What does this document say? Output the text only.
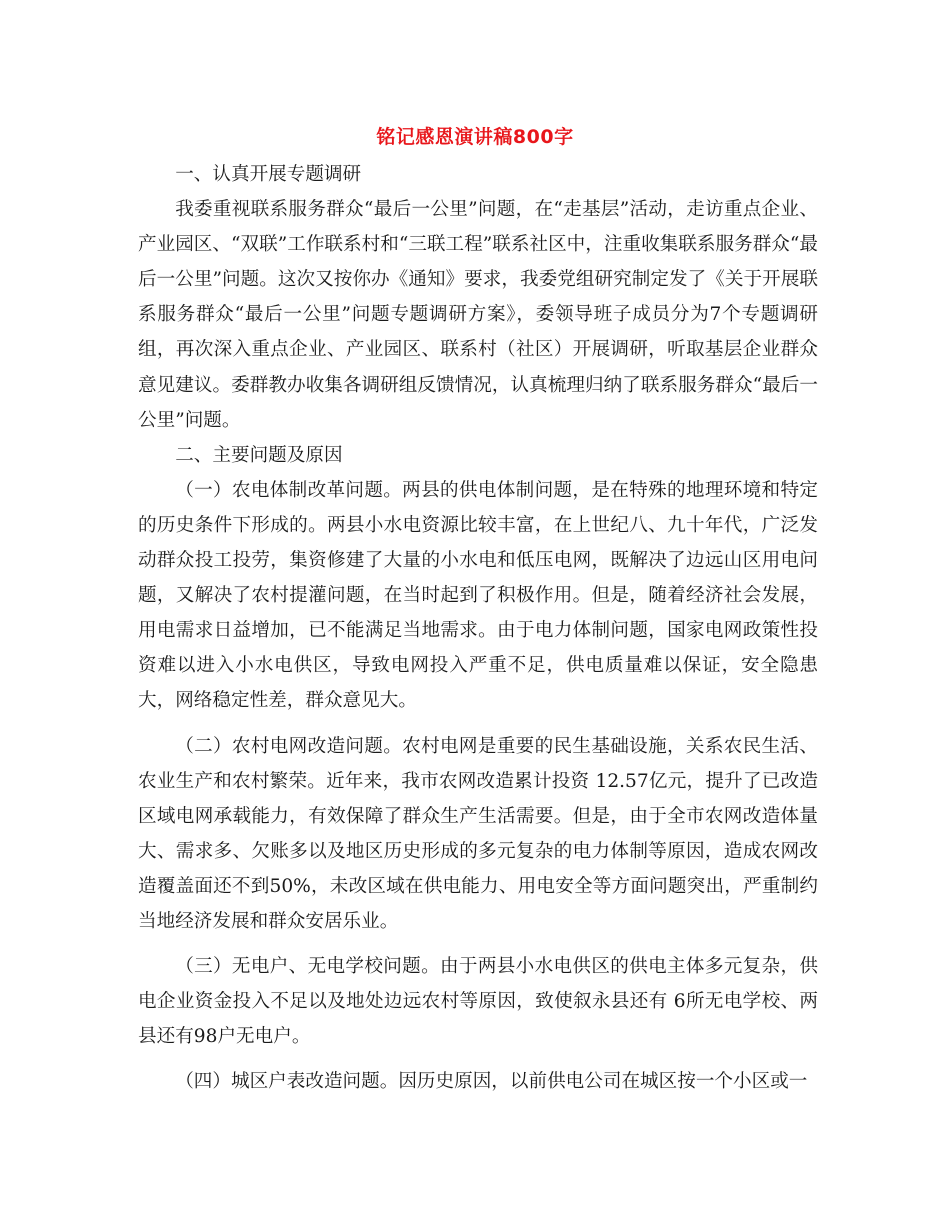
铭记感恩演讲稿800字

一、认真开展专题调研

我委重视联系服务群众“最后一公里”问题，在“走基层”活动，走访重点企业、产业园区、“双联”工作联系村和“三联工程”联系社区中，注重收集联系服务群众“最后一公里”问题。这次又按你办《通知》要求，我委党组研究制定发了《关于开展联系服务群众“最后一公里”问题专题调研方案》，委领导班子成员分为7个专题调研组，再次深入重点企业、产业园区、联系村（社区）开展调研，听取基层企业群众意见建议。委群教办收集各调研组反馈情况，认真梳理归纳了联系服务群众“最后一公里”问题。

二、主要问题及原因

（一）农电体制改革问题。两县的供电体制问题，是在特殊的地理环境和特定的历史条件下形成的。两县小水电资源比较丰富，在上世纪八、九十年代，广泛发动群众投工投劳，集资修建了大量的小水电和低压电网，既解决了边远山区用电问题，又解决了农村提灌问题，在当时起到了积极作用。但是，随着经济社会发展，用电需求日益增加，已不能满足当地需求。由于电力体制问题，国家电网政策性投资难以进入小水电供区，导致电网投入严重不足，供电质量难以保证，安全隐患大，网络稳定性差，群众意见大。

（二）农村电网改造问题。农村电网是重要的民生基础设施，关系农民生活、农业生产和农村繁荣。近年来，我市农网改造累计投资 12.57亿元，提升了已改造区域电网承载能力，有效保障了群众生产生活需要。但是，由于全市农网改造体量大、需求多、欠账多以及地区历史形成的多元复杂的电力体制等原因，造成农网改造覆盖面还不到50%，未改区域在供电能力、用电安全等方面问题突出，严重制约当地经济发展和群众安居乐业。

（三）无电户、无电学校问题。由于两县小水电供区的供电主体多元复杂，供电企业资金投入不足以及地处边远农村等原因，致使叙永县还有 6所无电学校、两县还有98户无电户。

（四）城区户表改造问题。因历史原因，以前供电公司在城区按一个小区或一
